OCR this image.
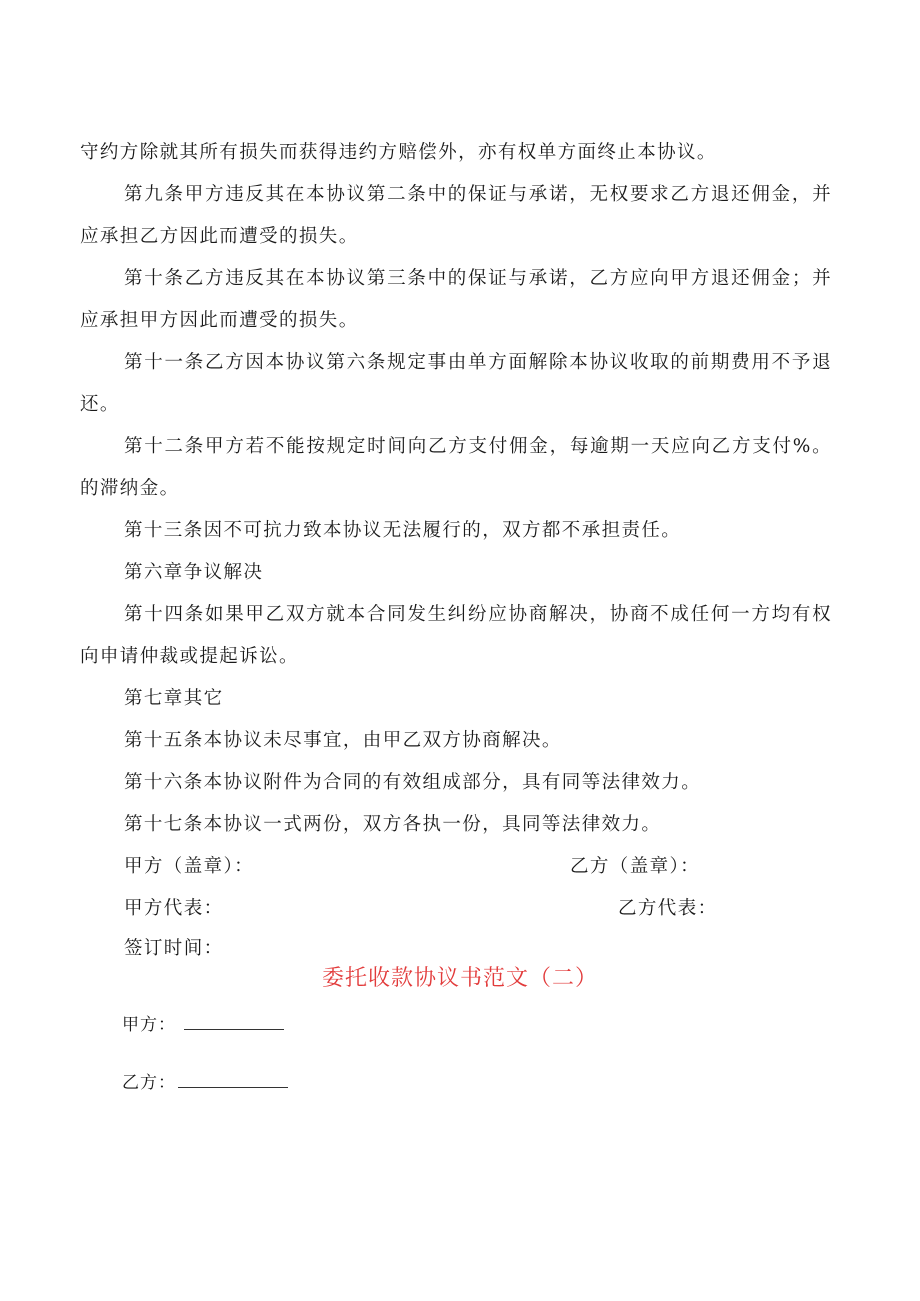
守约方除就其所有损失而获得违约方赔偿外，亦有权单方面终止本协议。

第九条甲方违反其在本协议第二条中的保证与承诺，无权要求乙方退还佣金，并应承担乙方因此而遭受的损失。

第十条乙方违反其在本协议第三条中的保证与承诺，乙方应向甲方退还佣金；并应承担甲方因此而遭受的损失。

第十一条乙方因本协议第六条规定事由单方面解除本协议收取的前期费用不予退还。

第十二条甲方若不能按规定时间向乙方支付佣金，每逾期一天应向乙方支付%。的滞纳金。

第十三条因不可抗力致本协议无法履行的，双方都不承担责任。

第六章争议解决

第十四条如果甲乙双方就本合同发生纠纷应协商解决，协商不成任何一方均有权向申请仲裁或提起诉讼。

第七章其它

第十五条本协议未尽事宜，由甲乙双方协商解决。

第十六条本协议附件为合同的有效组成部分，具有同等法律效力。

第十七条本协议一式两份，双方各执一份，具同等法律效力。

甲方（盖章）：	乙方（盖章）：
甲方代表：	乙方代表：
签订时间：
委托收款协议书范文（二）
甲方：
乙方：
